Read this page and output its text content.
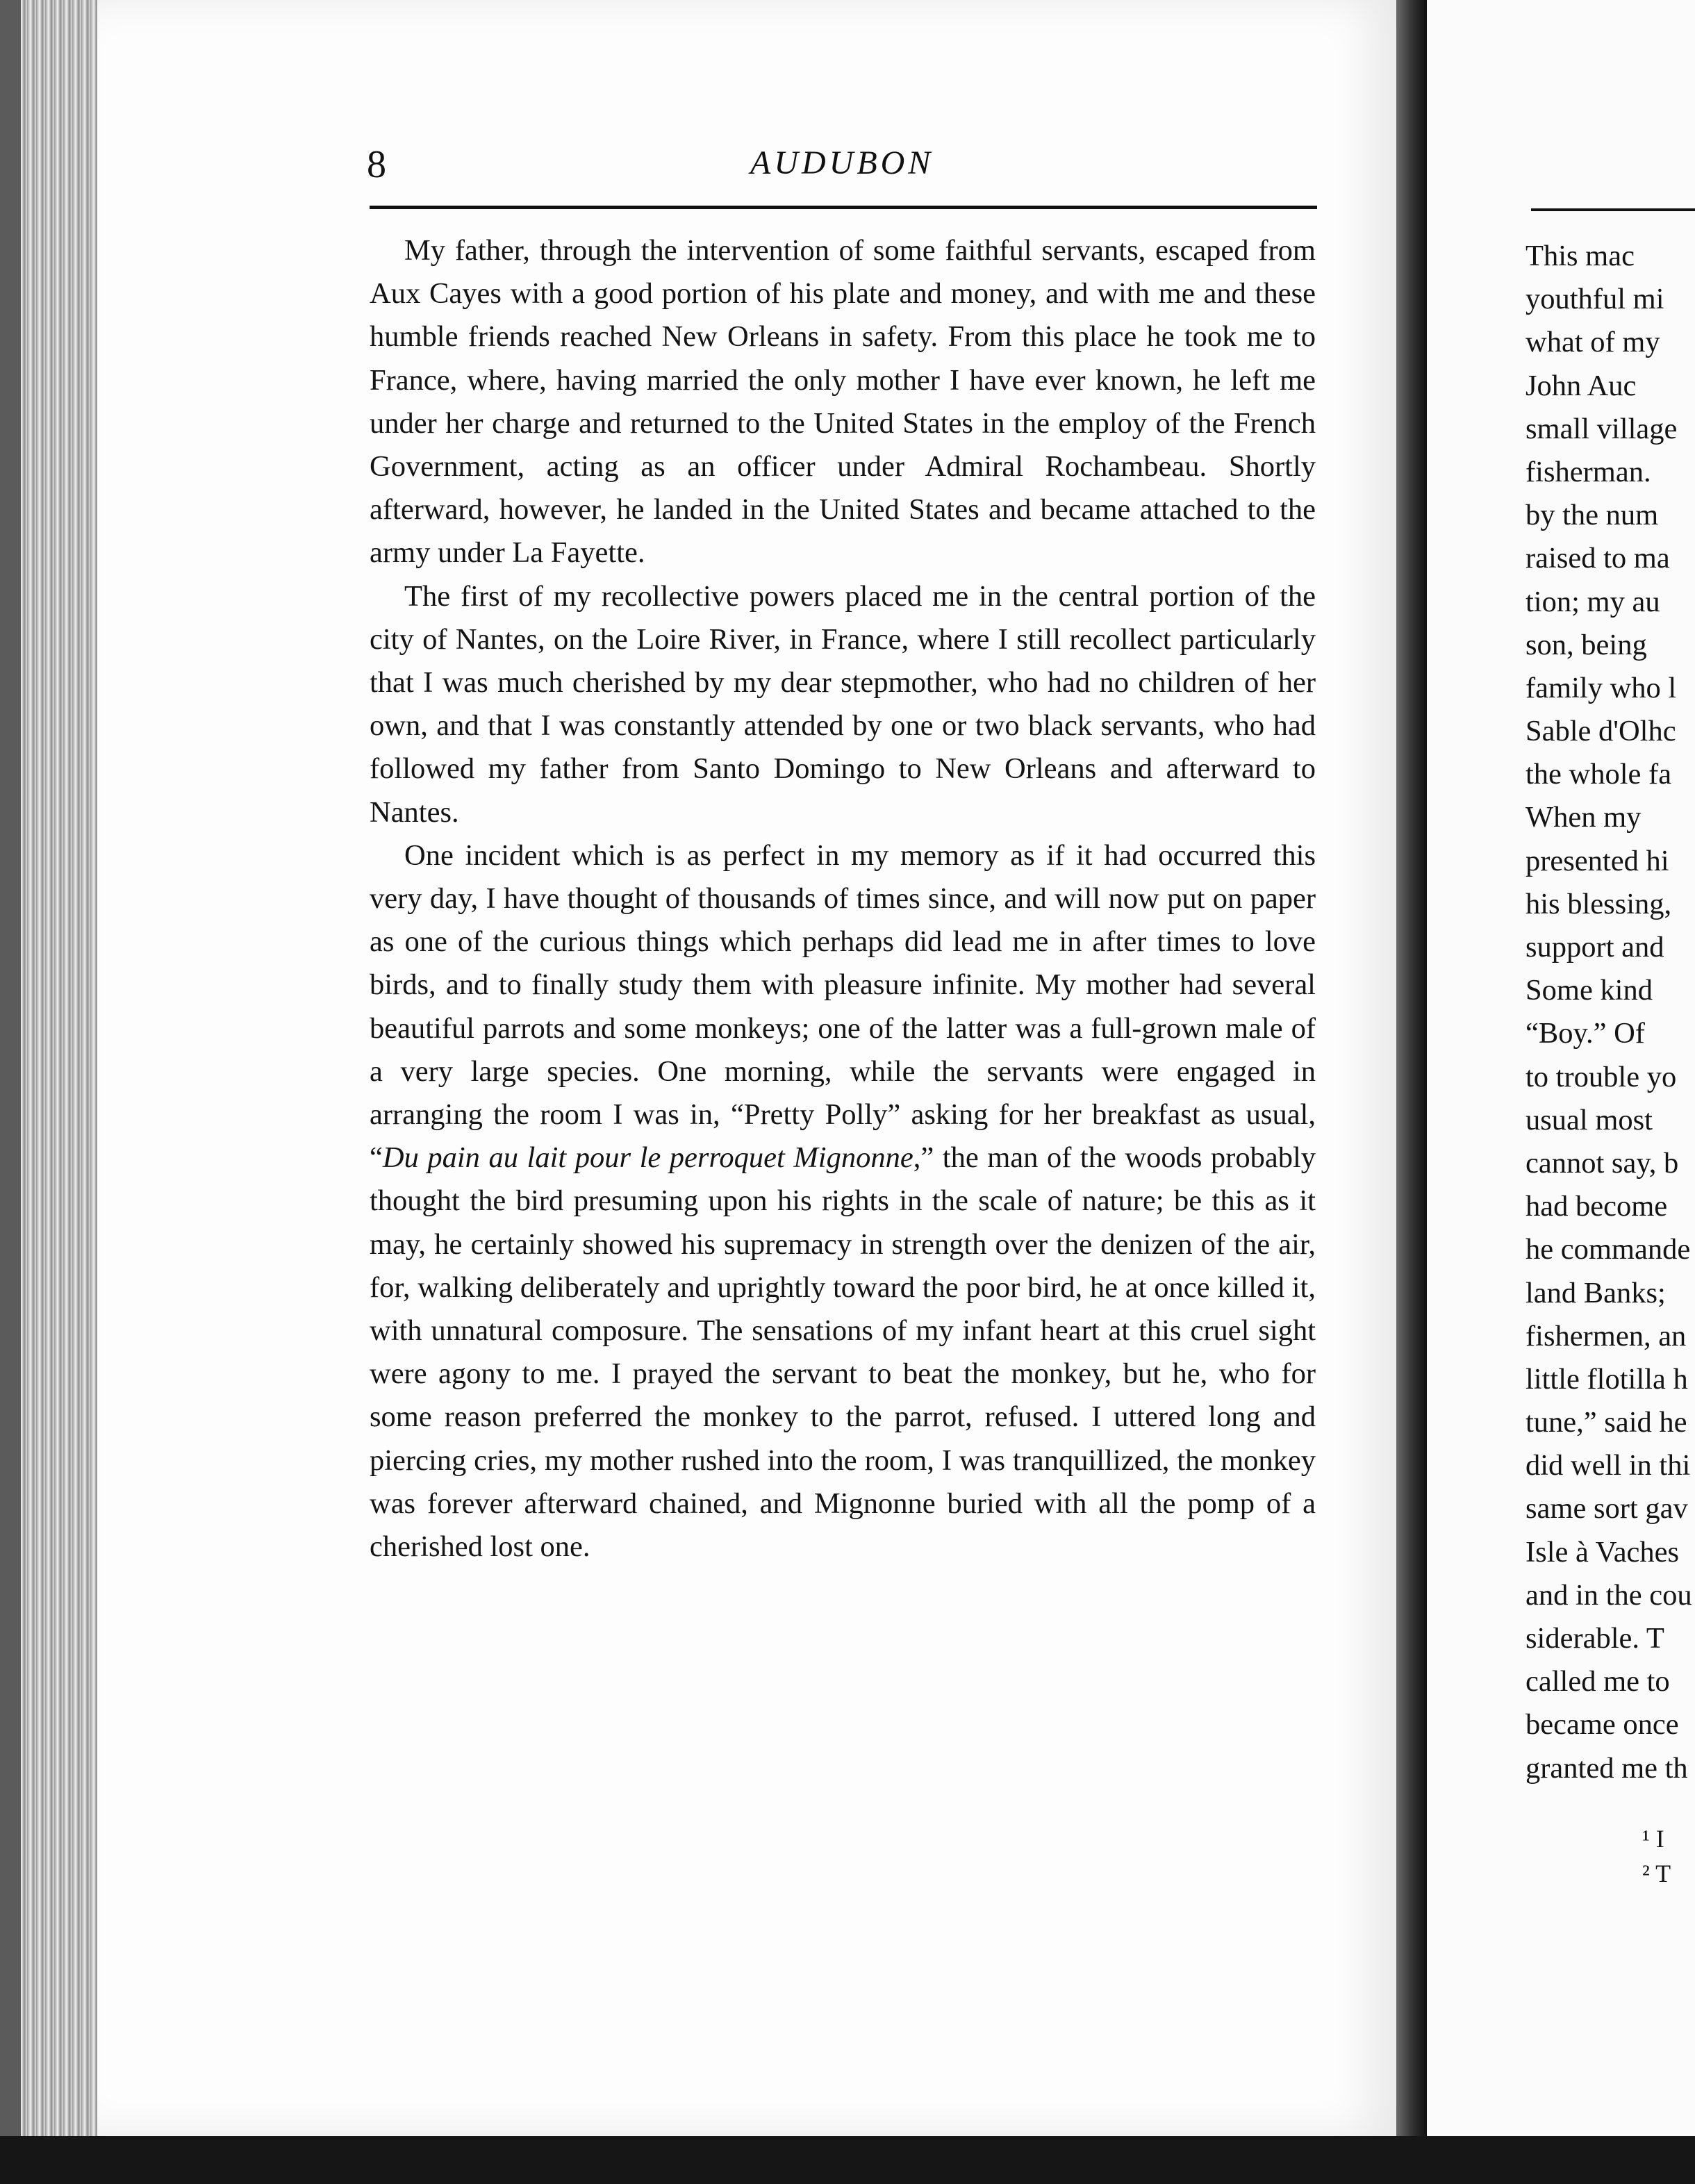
This mac
youthful mi
what of my
John Auc
small village
fisherman.
by the num
raised to ma
tion; my au
son, being
family who l
Sable d'Olhc
the whole fa
When my
presented hi
his blessing,
support and
Some kind
“Boy.” Of
to trouble yo
usual most
cannot say, b
had become
he commande
land Banks;
fishermen, an
little flotilla h
tune,” said he
did well in thi
same sort gav
Isle à Vaches
and in the cou
siderable. T
called me to
became once
granted me th
¹ I
² T

8	AUDUBON

My father, through the intervention of some faithful servants, escaped from Aux Cayes with a good portion of his plate and money, and with me and these humble friends reached New Orleans in safety. From this place he took me to France, where, having married the only mother I have ever known, he left me under her charge and returned to the United States in the employ of the French Government, acting as an officer under Admiral Rochambeau. Shortly afterward, however, he landed in the United States and became attached to the army under La Fayette.

The first of my recollective powers placed me in the central portion of the city of Nantes, on the Loire River, in France, where I still recollect particularly that I was much cherished by my dear stepmother, who had no children of her own, and that I was constantly attended by one or two black servants, who had followed my father from Santo Domingo to New Orleans and afterward to Nantes.

One incident which is as perfect in my memory as if it had occurred this very day, I have thought of thousands of times since, and will now put on paper as one of the curious things which perhaps did lead me in after times to love birds, and to finally study them with pleasure infinite. My mother had several beautiful parrots and some monkeys; one of the latter was a full-grown male of a very large species. One morning, while the servants were engaged in arranging the room I was in, “Pretty Polly” asking for her breakfast as usual, “Du pain au lait pour le perroquet Mignonne,” the man of the woods probably thought the bird presuming upon his rights in the scale of nature; be this as it may, he certainly showed his supremacy in strength over the denizen of the air, for, walking deliberately and uprightly toward the poor bird, he at once killed it, with unnatural composure. The sensations of my infant heart at this cruel sight were agony to me. I prayed the servant to beat the monkey, but he, who for some reason preferred the monkey to the parrot, refused. I uttered long and piercing cries, my mother rushed into the room, I was tranquillized, the monkey was forever afterward chained, and Mignonne buried with all the pomp of a cherished lost one.
